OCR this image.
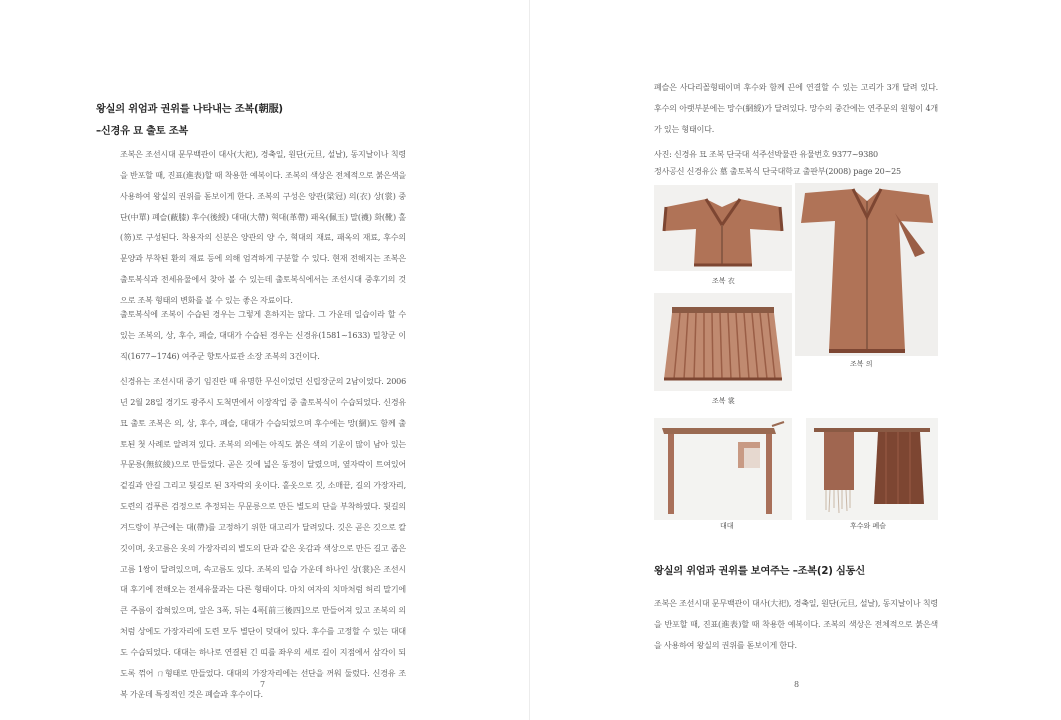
왕실의 위엄과 권위를 나타내는 조복(朝服)
–신경유 묘 출토 조복

조복은 조선시대 문무백관이 대사(大祀), 경축일, 원단(元旦, 설날), 동지날이나 칙령을 반포할 때, 진표(進表)할 때 착용한 예복이다. 조복의 색상은 전체적으로 붉은색을 사용하여 왕실의 권위를 돋보이게 한다. 조복의 구성은 양관(梁冠) 의(衣) 상(裳) 중단(中單) 폐슬(蔽膝) 후수(後綬) 대대(大帶) 혁대(革帶) 패옥(佩玉) 말(襪) 화(靴) 홀(笏)로 구성된다. 착용자의 신분은 양관의 양 수, 혁대의 재료, 패옥의 재료, 후수의 문양과 부착된 환의 재료 등에 의해 엄격하게 구분할 수 있다. 현재 전해지는 조복은 출토복식과 전세유물에서 찾아 볼 수 있는데 출토복식에서는 조선시대 중후기의 것으로 조복 형태의 변화를 볼 수 있는 좋은 자료이다.

출토복식에 조복이 수습된 경우는 그렇게 흔하지는 않다. 그 가운데 일습이라 할 수 있는 조복의, 상, 후수, 폐슬, 대대가 수습된 경우는 신경유(1581~1633) 밀창군 이직(1677~1746) 여주군 향토사료관 소장 조복의 3건이다.

신경유는 조선시대 중기 임진란 때 유명한 무신이었던 신립장군의 2남이었다. 2006년 2월 28일 경기도 광주시 도척면에서 이장작업 중 출토복식이 수습되었다. 신경유 묘 출토 조복은 의, 상, 후수, 폐슬, 대대가 수습되었으며 후수에는 망(網)도 함께 출토된 첫 사례로 알려져 있다. 조복의 의에는 아직도 붉은 색의 기운이 많이 남아 있는 무문릉(無紋綾)으로 만들었다. 곧은 깃에 넓은 동정이 달렸으며, 옆자락이 트여있어 겉길과 안길 그리고 뒷길로 된 3자락의 옷이다. 홑옷으로 깃, 소매끝, 길의 가장자리, 도련의 검푸른 검정으로 추정되는 무문릉으로 만든 별도의 단을 부착하였다. 뒷길의 겨드랑이 부근에는 대(帶)를 고정하기 위한 대고리가 달려있다. 깃은 곧은 깃으로 칼깃이며, 옷고름은 옷의 가장자리의 별도의 단과 같은 옷감과 색상으로 만든 길고 좁은 고름 1쌍이 달려있으며, 속고름도 있다. 조복의 일습 가운데 하나인 상(裳)은 조선시대 후기에 전해오는 전세유물과는 다른 형태이다. 마치 여자의 치마처럼 허리 말기에 큰 주름이 잡혀있으며, 앞은 3폭, 뒤는 4폭[前三後四]으로 만들어져 있고 조복의 의처럼 상에도 가장자리에 도련 모두 별단이 덧대어 있다. 후수를 고정할 수 있는 대대도 수습되었다. 대대는 하나로 연결된 긴 띠를 좌우의 세로 길이 지점에서 삼각이 되도록 꺾어 ㄇ형태로 만들었다. 대대의 가장자리에는 선단을 꺼워 둘렀다. 신경유 조복 가운데 특징적인 것은 폐슬과 후수이다.

7

폐슬은 사다리꼴형태이며 후수와 함께 끈에 연결할 수 있는 고리가 3개 달려 있다. 후수의 아랫부분에는 망수(網綬)가 달려있다. 망수의 중간에는 연주문의 원형이 4개가 있는 형태이다.

사진: 신경유 묘 조복 단국대 석주선박물관 유물번호 9377~9380
정사공신 신경유公 墓 출토복식 단국대학교 출판부(2008) page 20~25
조복 衣
조복 의
조복 裳
대대	후수와 폐슬
왕실의 위엄과 권위를 보여주는 –조복(2) 심동신

조복은 조선시대 문무백관이 대사(大祀), 경축일, 원단(元旦, 설날), 동지날이나 칙령을 반포할 때, 진표(進表)할 때 착용한 예복이다. 조복의 색상은 전체적으로 붉은색을 사용하여 왕실의 권위를 돋보이게 한다.

8
